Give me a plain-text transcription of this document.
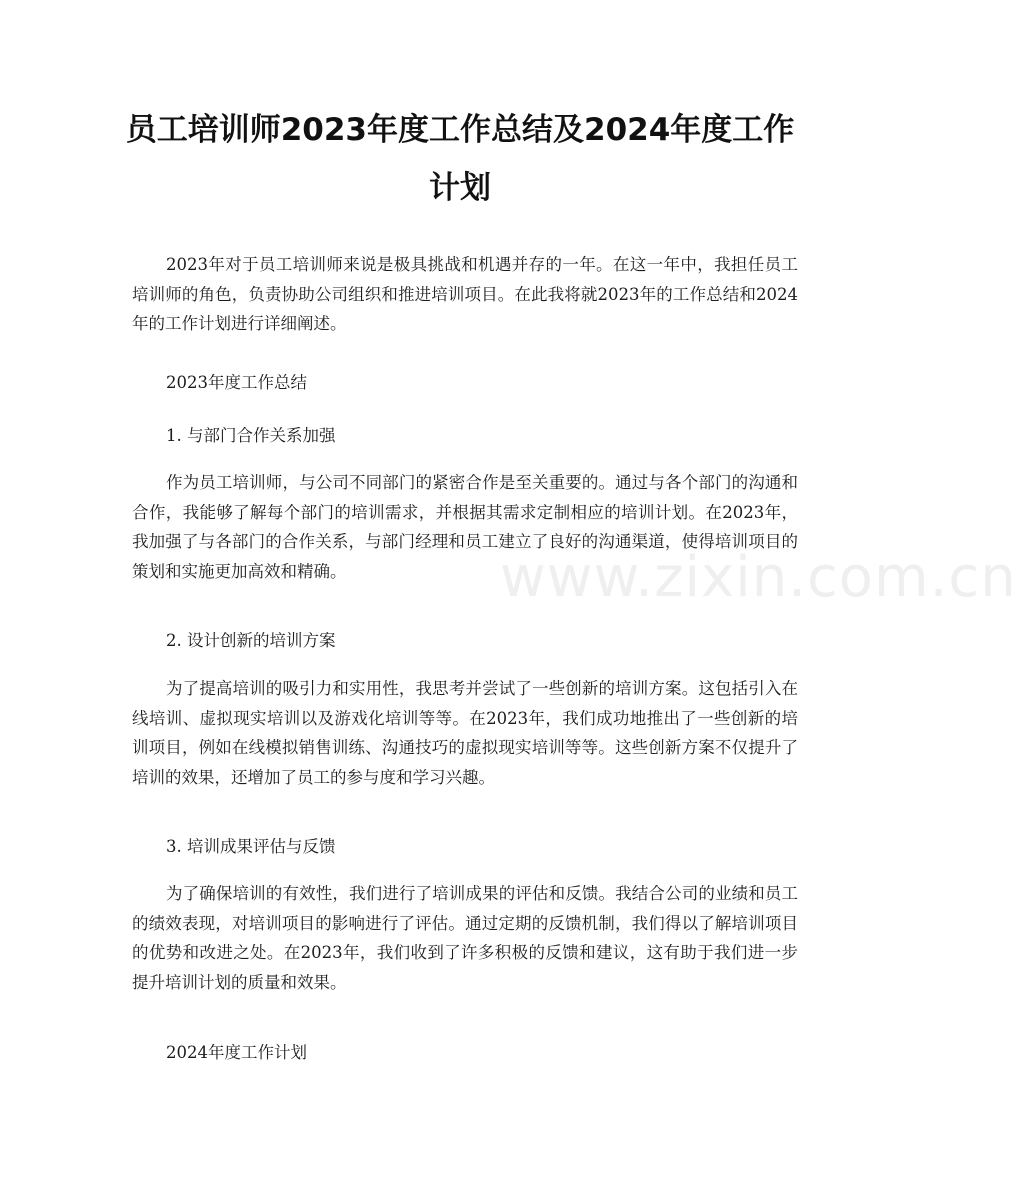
员工培训师2023年度工作总结及2024年度工作计划

2023年对于员工培训师来说是极具挑战和机遇并存的一年。在这一年中，我担任员工培训师的角色，负责协助公司组织和推进培训项目。在此我将就2023年的工作总结和2024年的工作计划进行详细阐述。

2023年度工作总结

1. 与部门合作关系加强

作为员工培训师，与公司不同部门的紧密合作是至关重要的。通过与各个部门的沟通和合作，我能够了解每个部门的培训需求，并根据其需求定制相应的培训计划。在2023年，我加强了与各部门的合作关系，与部门经理和员工建立了良好的沟通渠道，使得培训项目的策划和实施更加高效和精确。

2. 设计创新的培训方案

为了提高培训的吸引力和实用性，我思考并尝试了一些创新的培训方案。这包括引入在线培训、虚拟现实培训以及游戏化培训等等。在2023年，我们成功地推出了一些创新的培训项目，例如在线模拟销售训练、沟通技巧的虚拟现实培训等等。这些创新方案不仅提升了培训的效果，还增加了员工的参与度和学习兴趣。

3. 培训成果评估与反馈

为了确保培训的有效性，我们进行了培训成果的评估和反馈。我结合公司的业绩和员工的绩效表现，对培训项目的影响进行了评估。通过定期的反馈机制，我们得以了解培训项目的优势和改进之处。在2023年，我们收到了许多积极的反馈和建议，这有助于我们进一步提升培训计划的质量和效果。

2024年度工作计划

www.zixin.com.cn
